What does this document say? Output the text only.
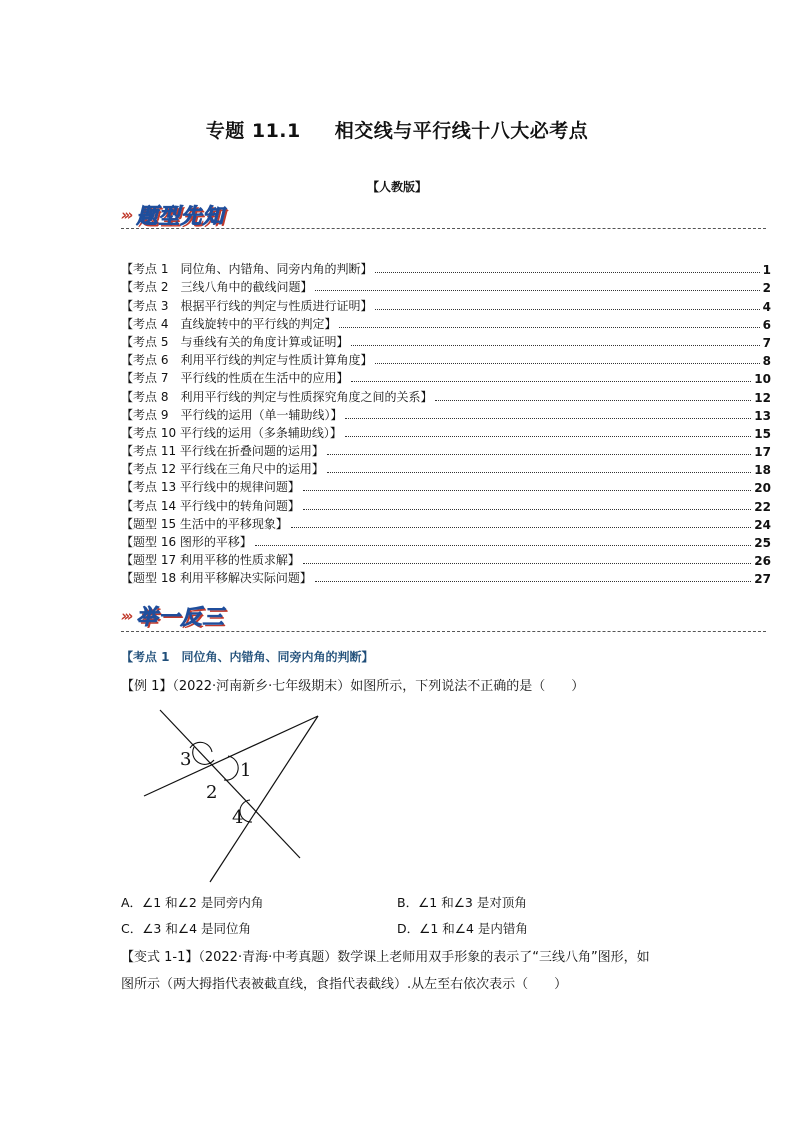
专题 11.1 相交线与平行线十八大必考点
【人教版】
››› 题型先知
【考点 1　同位角、内错角、同旁内角的判断】	1
【考点 2　三线八角中的截线问题】	2
【考点 3　根据平行线的判定与性质进行证明】	4
【考点 4　直线旋转中的平行线的判定】	6
【考点 5　与垂线有关的角度计算或证明】	7
【考点 6　利用平行线的判定与性质计算角度】	8
【考点 7　平行线的性质在生活中的应用】	10
【考点 8　利用平行线的判定与性质探究角度之间的关系】	12
【考点 9　平行线的运用（单一辅助线）】	13
【考点 10 平行线的运用（多条辅助线）】	15
【考点 11 平行线在折叠问题的运用】	17
【考点 12 平行线在三角尺中的运用】	18
【考点 13 平行线中的规律问题】	20
【考点 14 平行线中的转角问题】	22
【题型 15 生活中的平移现象】	24
【题型 16 图形的平移】	25
【题型 17 利用平移的性质求解】	26
【题型 18 利用平移解决实际问题】	27
››› 举一反三
【考点 1　同位角、内错角、同旁内角的判断】
【例 1】（2022·河南新乡·七年级期末）如图所示，下列说法不正确的是（　　）
3
1
2
4
A．∠1 和∠2 是同旁内角	B．∠1 和∠3 是对顶角
C．∠3 和∠4 是同位角	D．∠1 和∠4 是内错角
【变式 1-1】（2022·青海·中考真题）数学课上老师用双手形象的表示了“三线八角”图形，如
图所示（两大拇指代表被截直线，食指代表截线）.从左至右依次表示（　　）
